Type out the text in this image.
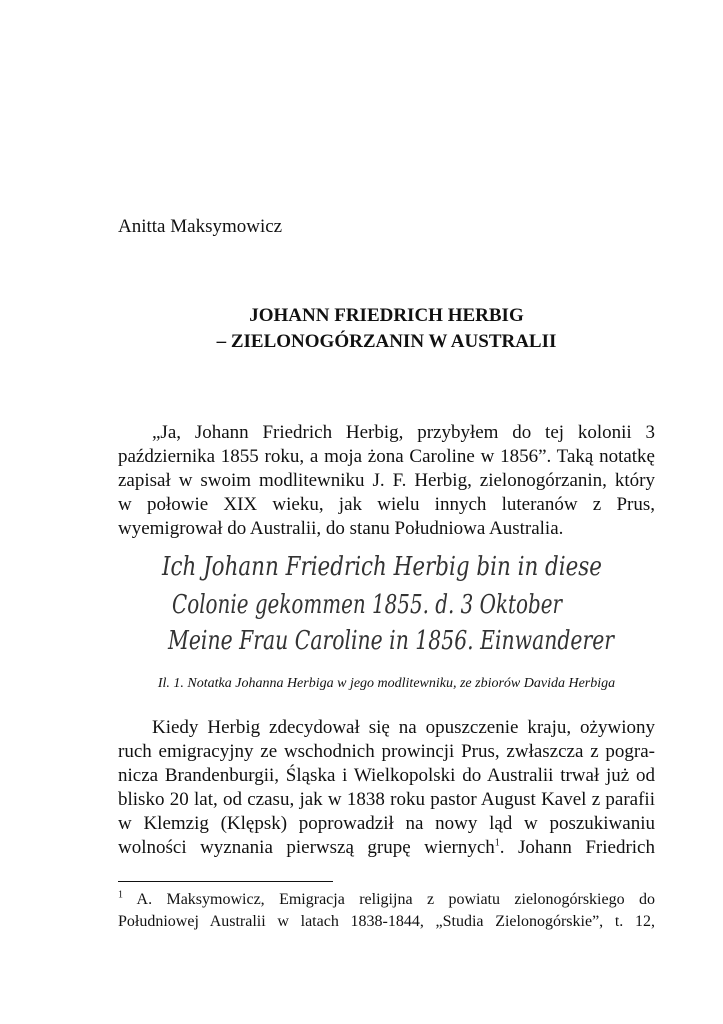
Anitta Maksymowicz

JOHANN FRIEDRICH HERBIG
– ZIELONOGÓRZANIN W AUSTRALII

„Ja, Johann Friedrich Herbig, przybyłem do tej kolonii 3
października 1855 roku, a moja żona Caroline w 1856”. Taką notatkę
zapisał w swoim modlitewniku J. F. Herbig, zielonogórzanin, który
w połowie XIX wieku, jak wielu innych luteranów z Prus,
wyemigrował do Australii, do stanu Południowa Australia.

Ich Johann Friedrich Herbig bin in diese
Colonie gekommen 1855. d. 3 Oktober
Meine Frau Caroline in 1856. Einwanderer

Il. 1. Notatka Johanna Herbiga w jego modlitewniku, ze zbiorów Davida Herbiga

Kiedy Herbig zdecydował się na opuszczenie kraju, ożywiony
ruch emigracyjny ze wschodnich prowincji Prus, zwłaszcza z pogra-
nicza Brandenburgii, Śląska i Wielkopolski do Australii trwał już od
blisko 20 lat, od czasu, jak w 1838 roku pastor August Kavel z parafii
w Klemzig (Klępsk) poprowadził na nowy ląd w poszukiwaniu
wolności wyznania pierwszą grupę wiernych$^1$. Johann Friedrich

$^1$ A. Maksymowicz, Emigracja religijna z powiatu zielonogórskiego do
Południowej Australii w latach 1838-1844, „Studia Zielonogórskie”, t. 12,
